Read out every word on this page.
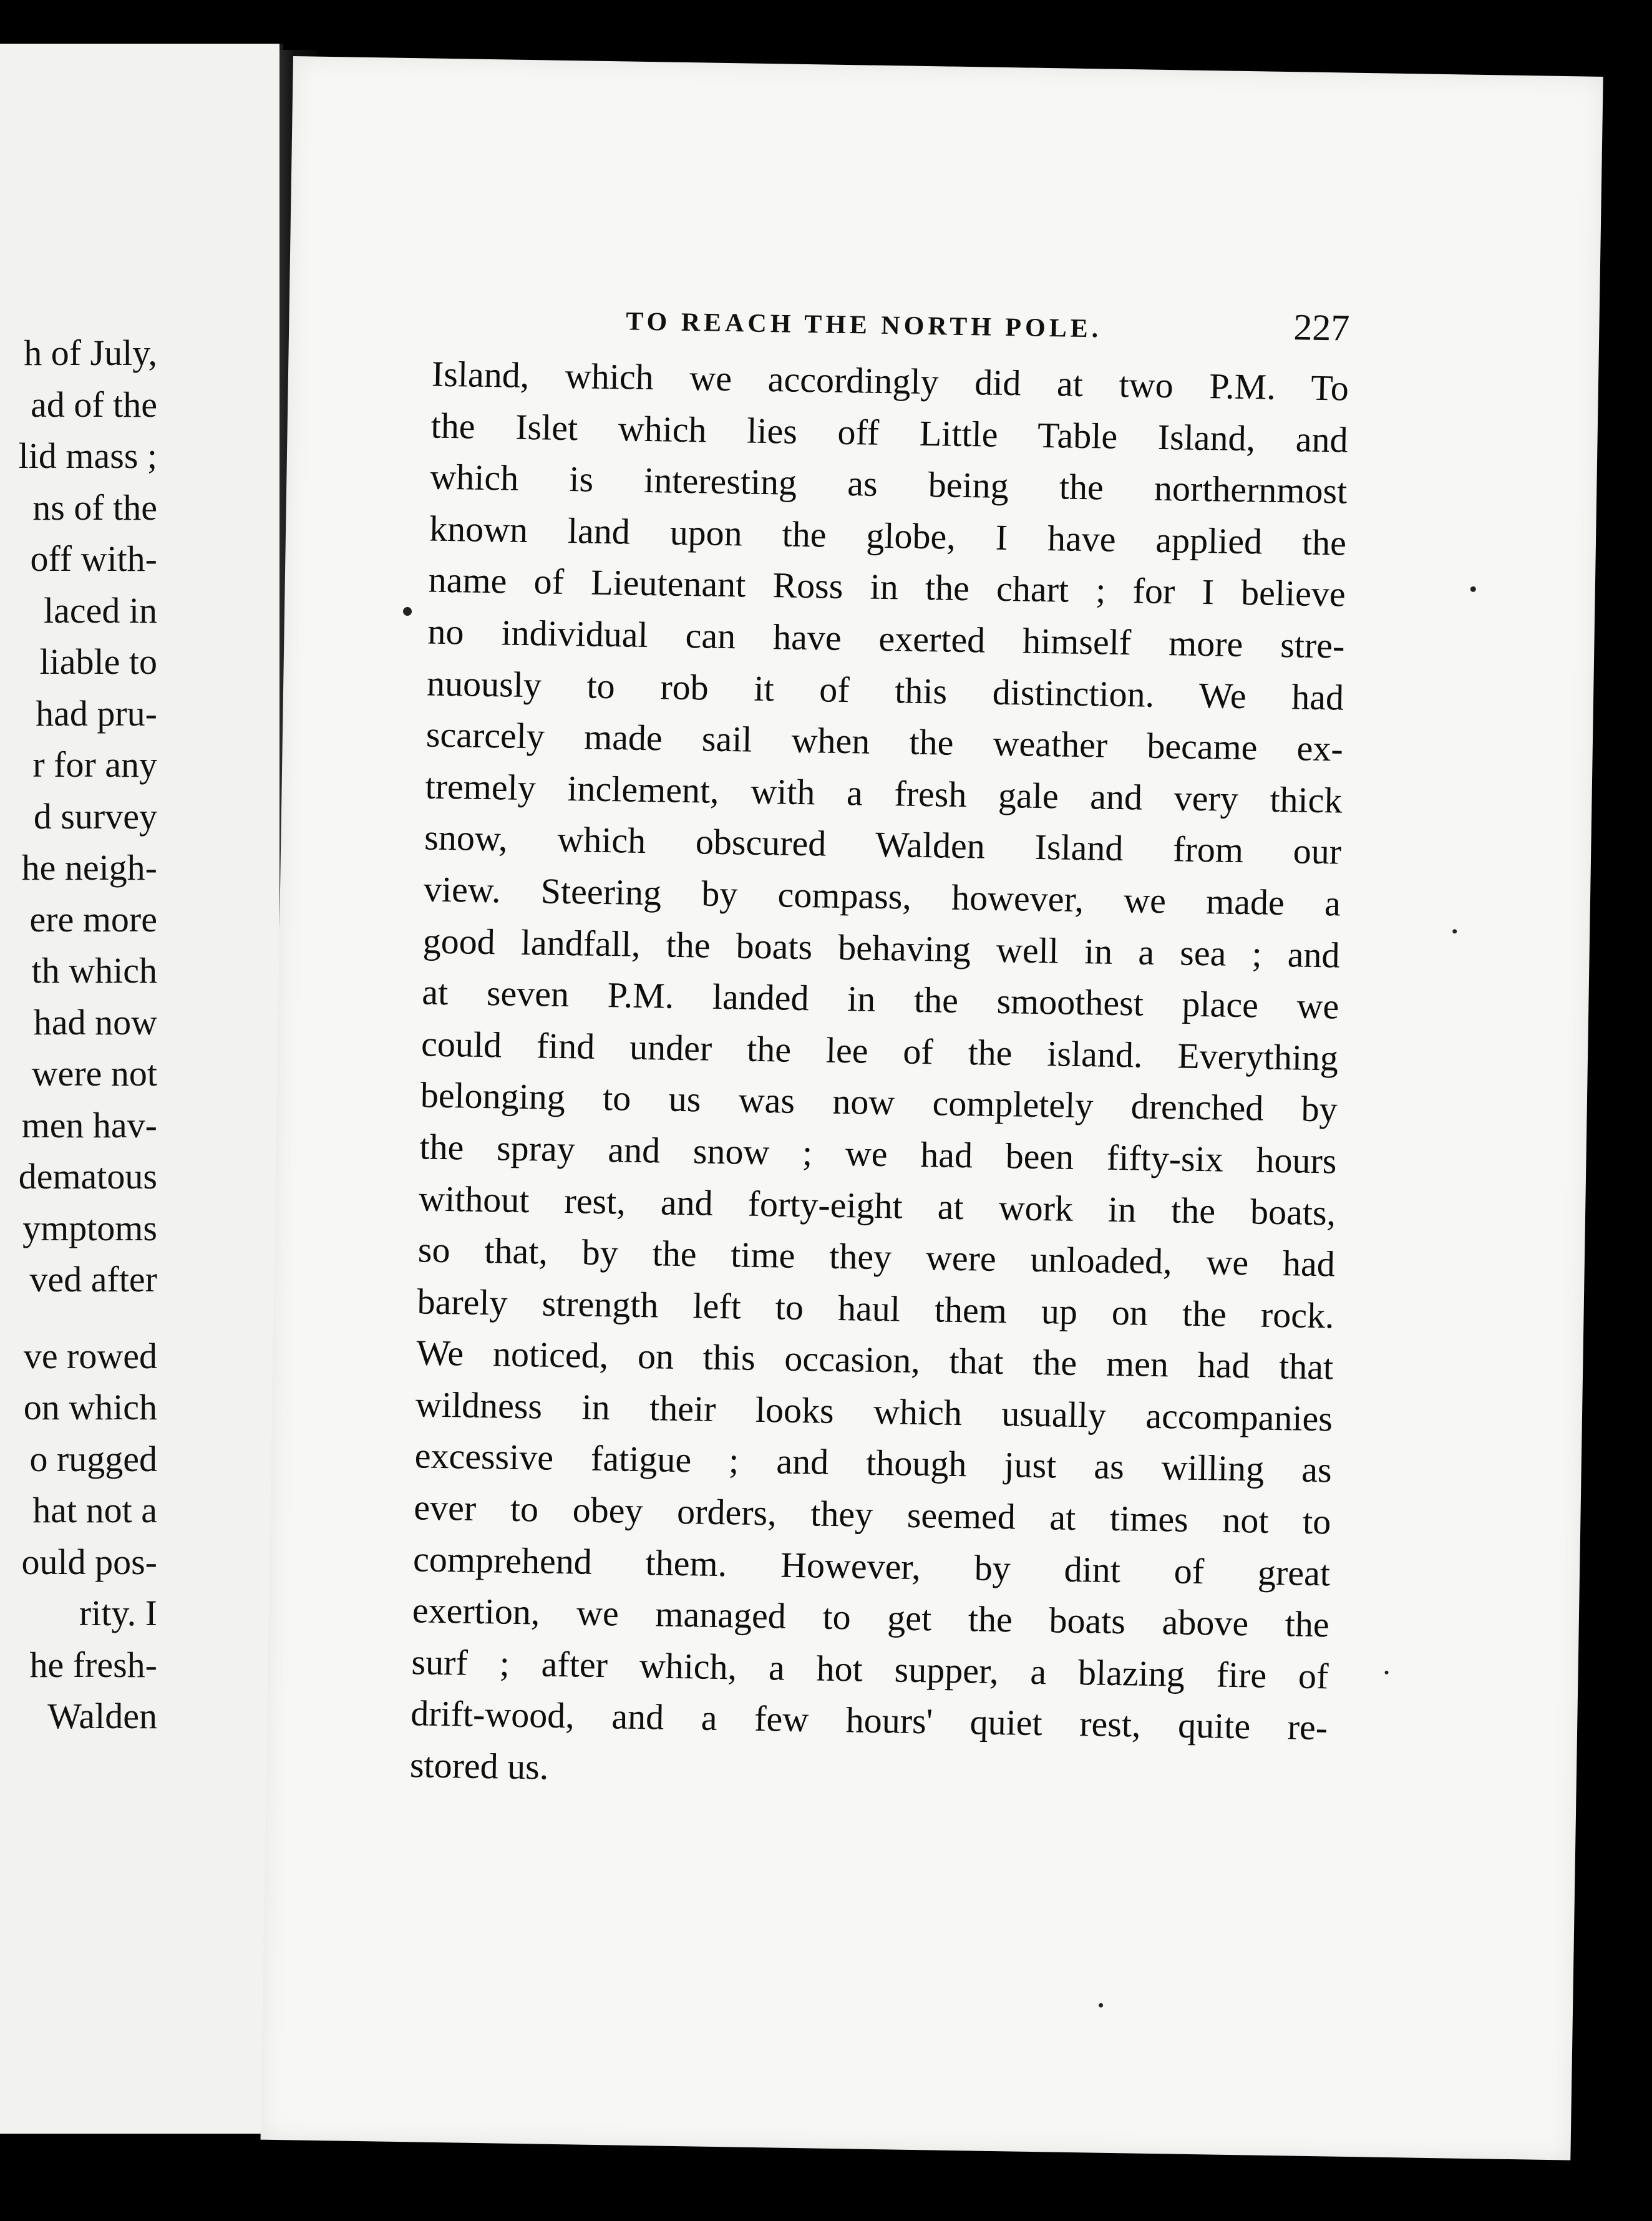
h of July,
ad of the
lid mass ;
ns of the
off with-
laced in
liable to
had pru-
r for any
d survey
he neigh-
ere more
th which
had now
were not
men hav-
dematous
ymptoms
ved after
ve rowed
on which
o rugged
hat not a
ould pos-
rity. I
he fresh-
Walden
TO REACH THE NORTH POLE.	227
Island, which we accordingly did at two P.M. To
the Islet which lies off Little Table Island, and
which is interesting as being the northernmost
known land upon the globe, I have applied the
name of Lieutenant Ross in the chart ; for I believe
no individual can have exerted himself more stre-
nuously to rob it of this distinction. We had
scarcely made sail when the weather became ex-
tremely inclement, with a fresh gale and very thick
snow, which obscured Walden Island from our
view. Steering by compass, however, we made a
good landfall, the boats behaving well in a sea ; and
at seven P.M. landed in the smoothest place we
could find under the lee of the island. Everything
belonging to us was now completely drenched by
the spray and snow ; we had been fifty-six hours
without rest, and forty-eight at work in the boats,
so that, by the time they were unloaded, we had
barely strength left to haul them up on the rock.
We noticed, on this occasion, that the men had that
wildness in their looks which usually accompanies
excessive fatigue ; and though just as willing as
ever to obey orders, they seemed at times not to
comprehend them. However, by dint of great
exertion, we managed to get the boats above the
surf ; after which, a hot supper, a blazing fire of
drift-wood, and a few hours' quiet rest, quite re-
stored us.
